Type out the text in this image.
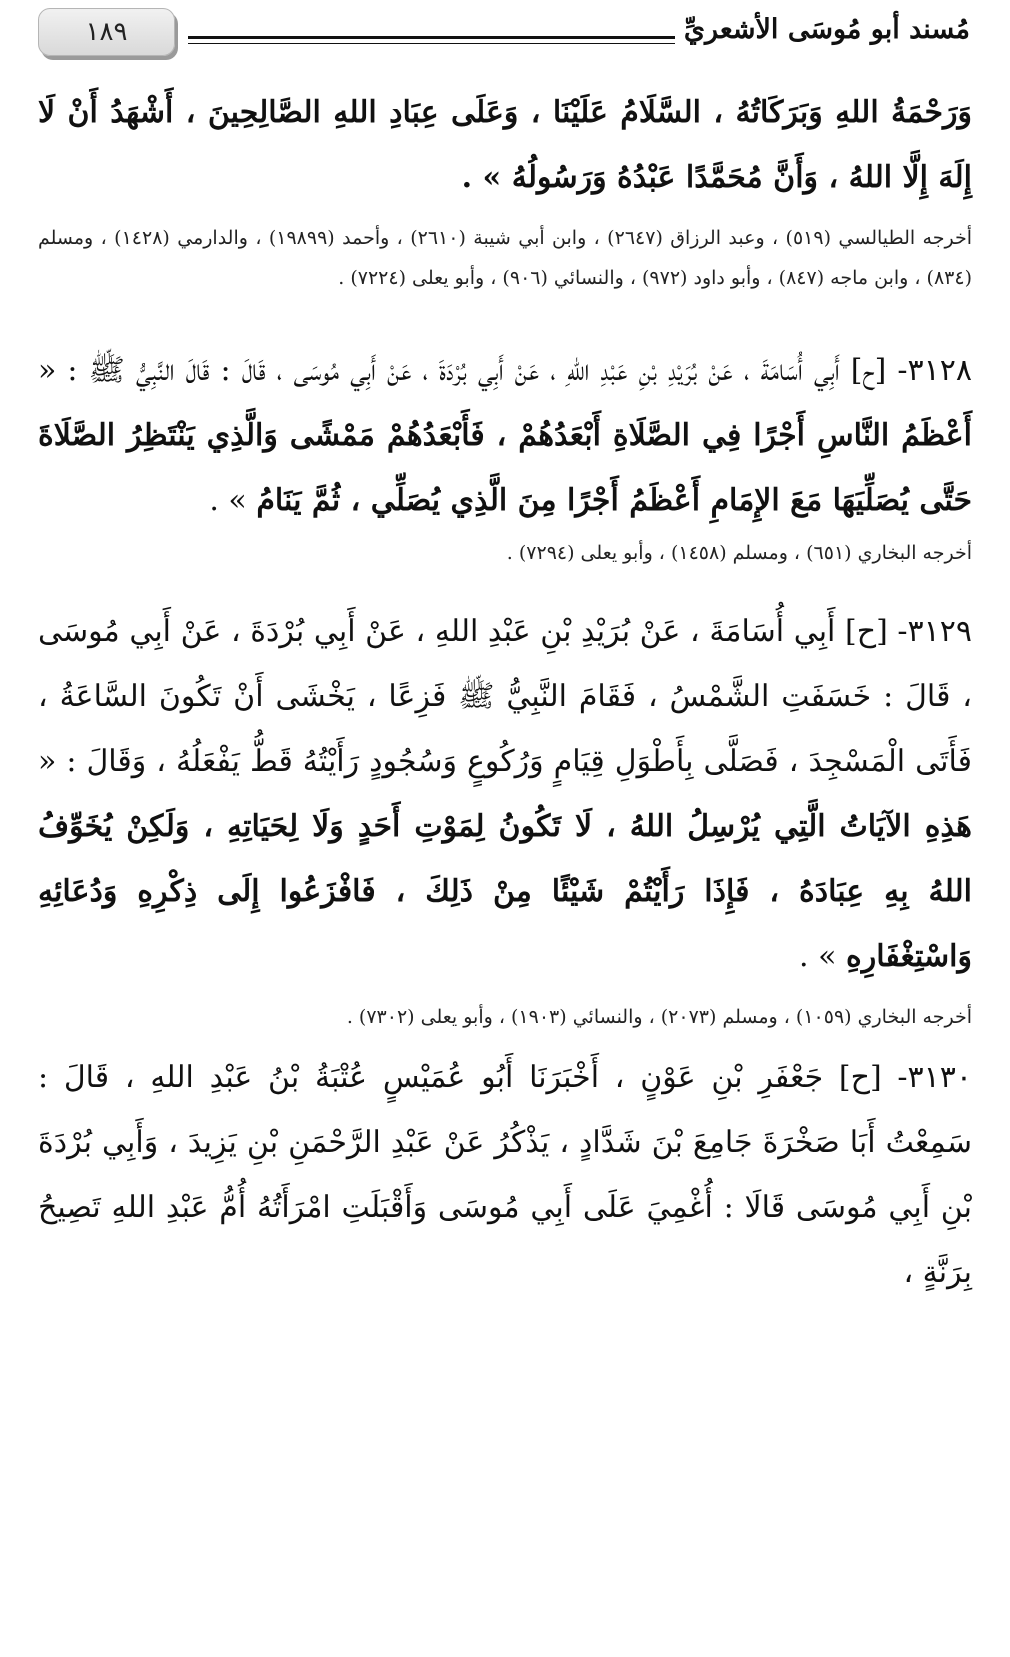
مُسند أبو مُوسَى الأشعريِّ
١٨٩

وَرَحْمَةُ اللهِ وَبَرَكَاتُهُ ، السَّلَامُ عَلَيْنَا ، وَعَلَى عِبَادِ اللهِ الصَّالِحِينَ ، أَشْهَدُ أَنْ لَا إِلَهَ إِلَّا اللهُ ، وَأَنَّ مُحَمَّدًا عَبْدُهُ وَرَسُولُهُ » .

أخرجه الطيالسي (٥١٩) ، وعبد الرزاق (٢٦٤٧) ، وابن أبي شيبة (٢٦١٠) ، وأحمد (١٩٨٩٩) ، والدارمي (١٤٢٨) ، ومسلم (٨٣٤) ، وابن ماجه (٨٤٧) ، وأبو داود (٩٧٢) ، والنسائي (٩٠٦) ، وأبو يعلى (٧٢٢٤) .

٣١٢٨- [ح] أَبِي أُسَامَةَ ، عَنْ بُرَيْدِ بْنِ عَبْدِ اللهِ ، عَنْ أَبِي بُرْدَةَ ، عَنْ أَبِي مُوسَى ، قَالَ : قَالَ النَّبِيُّ ﷺ : « أَعْظَمُ النَّاسِ أَجْرًا فِي الصَّلَاةِ أَبْعَدُهُمْ ، فَأَبْعَدُهُمْ مَمْشًى وَالَّذِي يَنْتَظِرُ الصَّلَاةَ حَتَّى يُصَلِّيَهَا مَعَ الإِمَامِ أَعْظَمُ أَجْرًا مِنَ الَّذِي يُصَلِّي ، ثُمَّ يَنَامُ » .

أخرجه البخاري (٦٥١) ، ومسلم (١٤٥٨) ، وأبو يعلى (٧٢٩٤) .

٣١٢٩- [ح] أَبِي أُسَامَةَ ، عَنْ بُرَيْدِ بْنِ عَبْدِ اللهِ ، عَنْ أَبِي بُرْدَةَ ، عَنْ أَبِي مُوسَى ، قَالَ : خَسَفَتِ الشَّمْسُ ، فَقَامَ النَّبِيُّ ﷺ فَزِعًا ، يَخْشَى أَنْ تَكُونَ السَّاعَةُ ، فَأَتَى الْمَسْجِدَ ، فَصَلَّى بِأَطْوَلِ قِيَامٍ وَرُكُوعٍ وَسُجُودٍ رَأَيْتُهُ قَطُّ يَفْعَلُهُ ، وَقَالَ : « هَذِهِ الآيَاتُ الَّتِي يُرْسِلُ اللهُ ، لَا تَكُونُ لِمَوْتِ أَحَدٍ وَلَا لِحَيَاتِهِ ، وَلَكِنْ يُخَوِّفُ اللهُ بِهِ عِبَادَهُ ، فَإِذَا رَأَيْتُمْ شَيْئًا مِنْ ذَلِكَ ، فَافْزَعُوا إِلَى ذِكْرِهِ وَدُعَائِهِ وَاسْتِغْفَارِهِ » .

أخرجه البخاري (١٠٥٩) ، ومسلم (٢٠٧٣) ، والنسائي (١٩٠٣) ، وأبو يعلى (٧٣٠٢) .

٣١٣٠- [ح] جَعْفَرِ بْنِ عَوْنٍ ، أَخْبَرَنَا أَبُو عُمَيْسٍ عُتْبَةُ بْنُ عَبْدِ اللهِ ، قَالَ : سَمِعْتُ أَبَا صَخْرَةَ جَامِعَ بْنَ شَدَّادٍ ، يَذْكُرُ عَنْ عَبْدِ الرَّحْمَنِ بْنِ يَزِيدَ ، وَأَبِي بُرْدَةَ بْنِ أَبِي مُوسَى قَالَا : أُغْمِيَ عَلَى أَبِي مُوسَى وَأَقْبَلَتِ امْرَأَتُهُ أُمُّ عَبْدِ اللهِ تَصِيحُ بِرَنَّةٍ ،
